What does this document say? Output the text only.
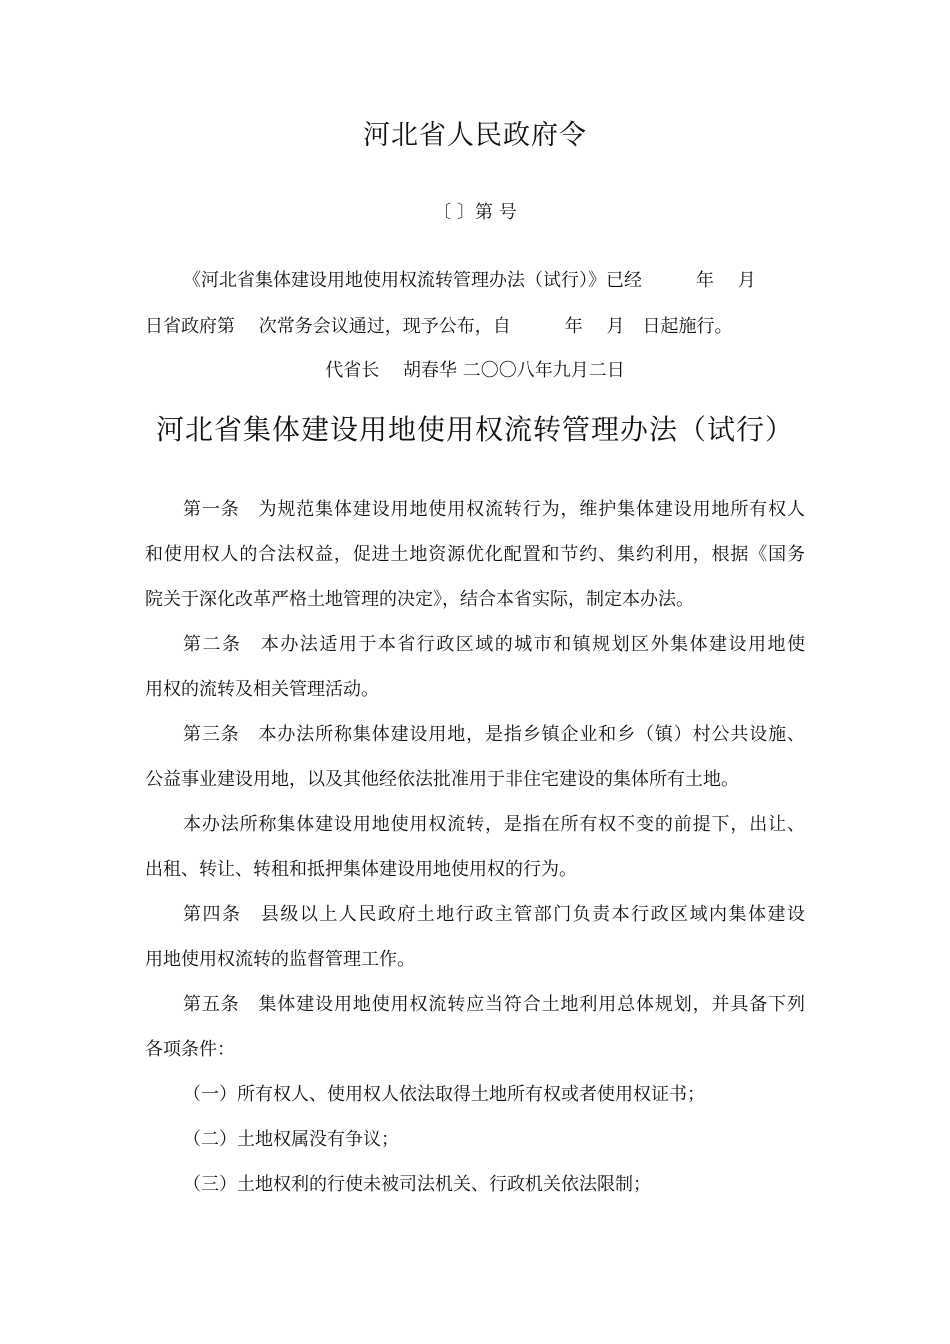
河北省人民政府令
〔 〕第 号
《河北省集体建设用地使用权流转管理办法（试行）》已经　　　年　 月
日省政府第　 次常务会议通过，现予公布，自　　　年　 月　日起施行。
代省长　 胡春华 二〇〇八年九月二日
河北省集体建设用地使用权流转管理办法（试行）
第一条　为规范集体建设用地使用权流转行为，维护集体建设用地所有权人
和使用权人的合法权益，促进土地资源优化配置和节约、集约利用，根据《国务
院关于深化改革严格土地管理的决定》，结合本省实际，制定本办法。
第二条　本办法适用于本省行政区域的城市和镇规划区外集体建设用地使
用权的流转及相关管理活动。
第三条　本办法所称集体建设用地，是指乡镇企业和乡（镇）村公共设施、
公益事业建设用地，以及其他经依法批准用于非住宅建设的集体所有土地。
本办法所称集体建设用地使用权流转，是指在所有权不变的前提下，出让、
出租、转让、转租和抵押集体建设用地使用权的行为。
第四条　县级以上人民政府土地行政主管部门负责本行政区域内集体建设
用地使用权流转的监督管理工作。
第五条　集体建设用地使用权流转应当符合土地利用总体规划，并具备下列
各项条件：
（一）所有权人、使用权人依法取得土地所有权或者使用权证书；
（二）土地权属没有争议；
（三）土地权利的行使未被司法机关、行政机关依法限制；
